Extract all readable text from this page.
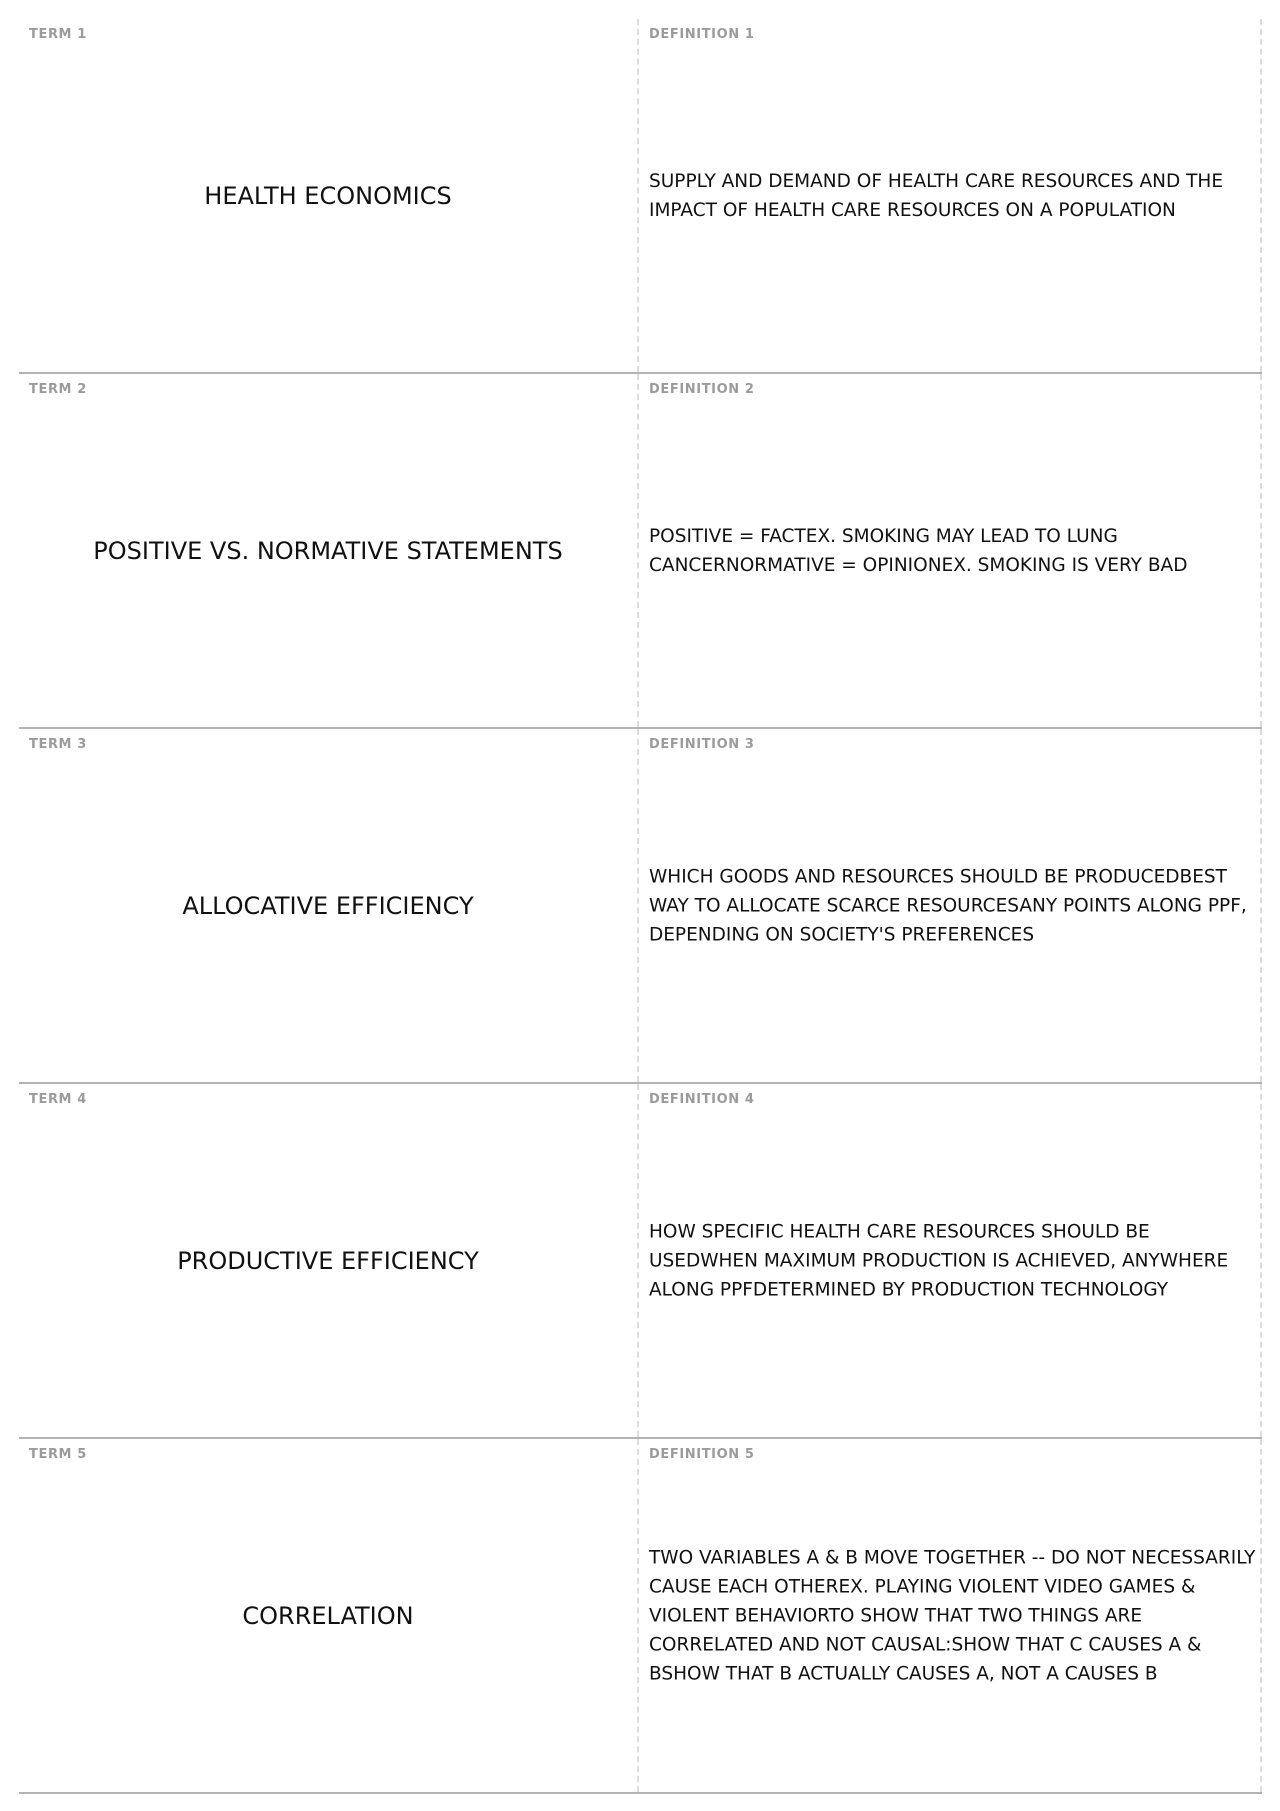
TERM 1
HEALTH ECONOMICS
DEFINITION 1
SUPPLY AND DEMAND OF HEALTH CARE RESOURCES AND THE IMPACT OF HEALTH CARE RESOURCES ON A POPULATION
TERM 2
POSITIVE VS. NORMATIVE STATEMENTS
DEFINITION 2
POSITIVE = FACTEX. SMOKING MAY LEAD TO LUNG CANCERNORMATIVE = OPINIONEX. SMOKING IS VERY BAD
TERM 3
ALLOCATIVE EFFICIENCY
DEFINITION 3
WHICH GOODS AND RESOURCES SHOULD BE PRODUCEDBEST WAY TO ALLOCATE SCARCE RESOURCESANY POINTS ALONG PPF, DEPENDING ON SOCIETY'S PREFERENCES
TERM 4
PRODUCTIVE EFFICIENCY
DEFINITION 4
HOW SPECIFIC HEALTH CARE RESOURCES SHOULD BE USEDWHEN MAXIMUM PRODUCTION IS ACHIEVED, ANYWHERE ALONG PPFDETERMINED BY PRODUCTION TECHNOLOGY
TERM 5
CORRELATION
DEFINITION 5
TWO VARIABLES A & B MOVE TOGETHER -- DO NOT NECESSARILY CAUSE EACH OTHEREX. PLAYING VIOLENT VIDEO GAMES & VIOLENT BEHAVIORTO SHOW THAT TWO THINGS ARE CORRELATED AND NOT CAUSAL:SHOW THAT C CAUSES A & BSHOW THAT B ACTUALLY CAUSES A, NOT A CAUSES B
